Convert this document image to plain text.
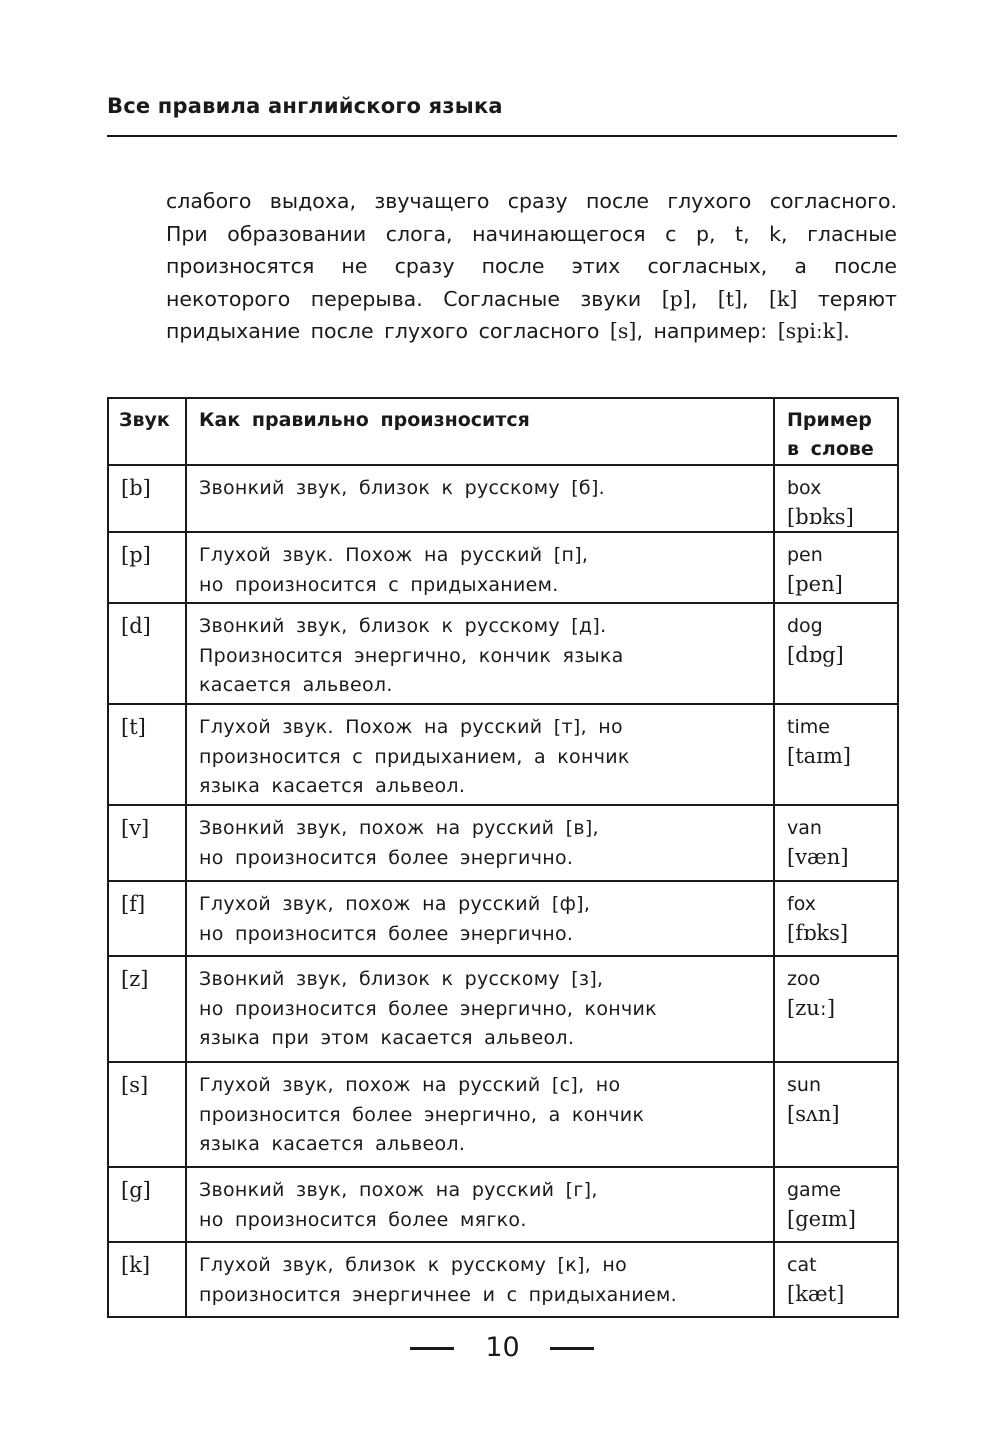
Все правила английского языка

слабого выдоха, звучащего сразу после глухого согласного. При образовании слога, начинающегося с p, t, k, гласные произносятся не сразу после этих согласных, а после некоторого перерыва. Согласные звуки [p], [t], [k] теряют придыхание после глухого согласного [s], например: [spiːk].

Звук	Как правильно произносится	Пример
в слове

[b]	Звонкий звук, близок к русскому [б].	box
[bɒks]

[p]	Глухой звук. Похож на русский [п],
но произносится с придыханием.	pen
[pen]

[d]	Звонкий звук, близок к русскому [д].
Произносится энергично, кончик языка
касается альвеол.	dog
[dɒg]

[t]	Глухой звук. Похож на русский [т], но
произносится с придыханием, а кончик
языка касается альвеол.	time
[taɪm]

[v]	Звонкий звук, похож на русский [в],
но произносится более энергично.	van
[væn]

[f]	Глухой звук, похож на русский [ф],
но произносится более энергично.	fox
[fɒks]

[z]	Звонкий звук, близок к русскому [з],
но произносится более энергично, кончик
языка при этом касается альвеол.	zoo
[zuː]

[s]	Глухой звук, похож на русский [с], но
произносится более энергично, а кончик
языка касается альвеол.	sun
[sʌn]

[g]	Звонкий звук, похож на русский [г],
но произносится более мягко.	game
[geɪm]

[k]	Глухой звук, близок к русскому [к], но
произносится энергичнее и с придыханием.	cat
[kæt]
10
